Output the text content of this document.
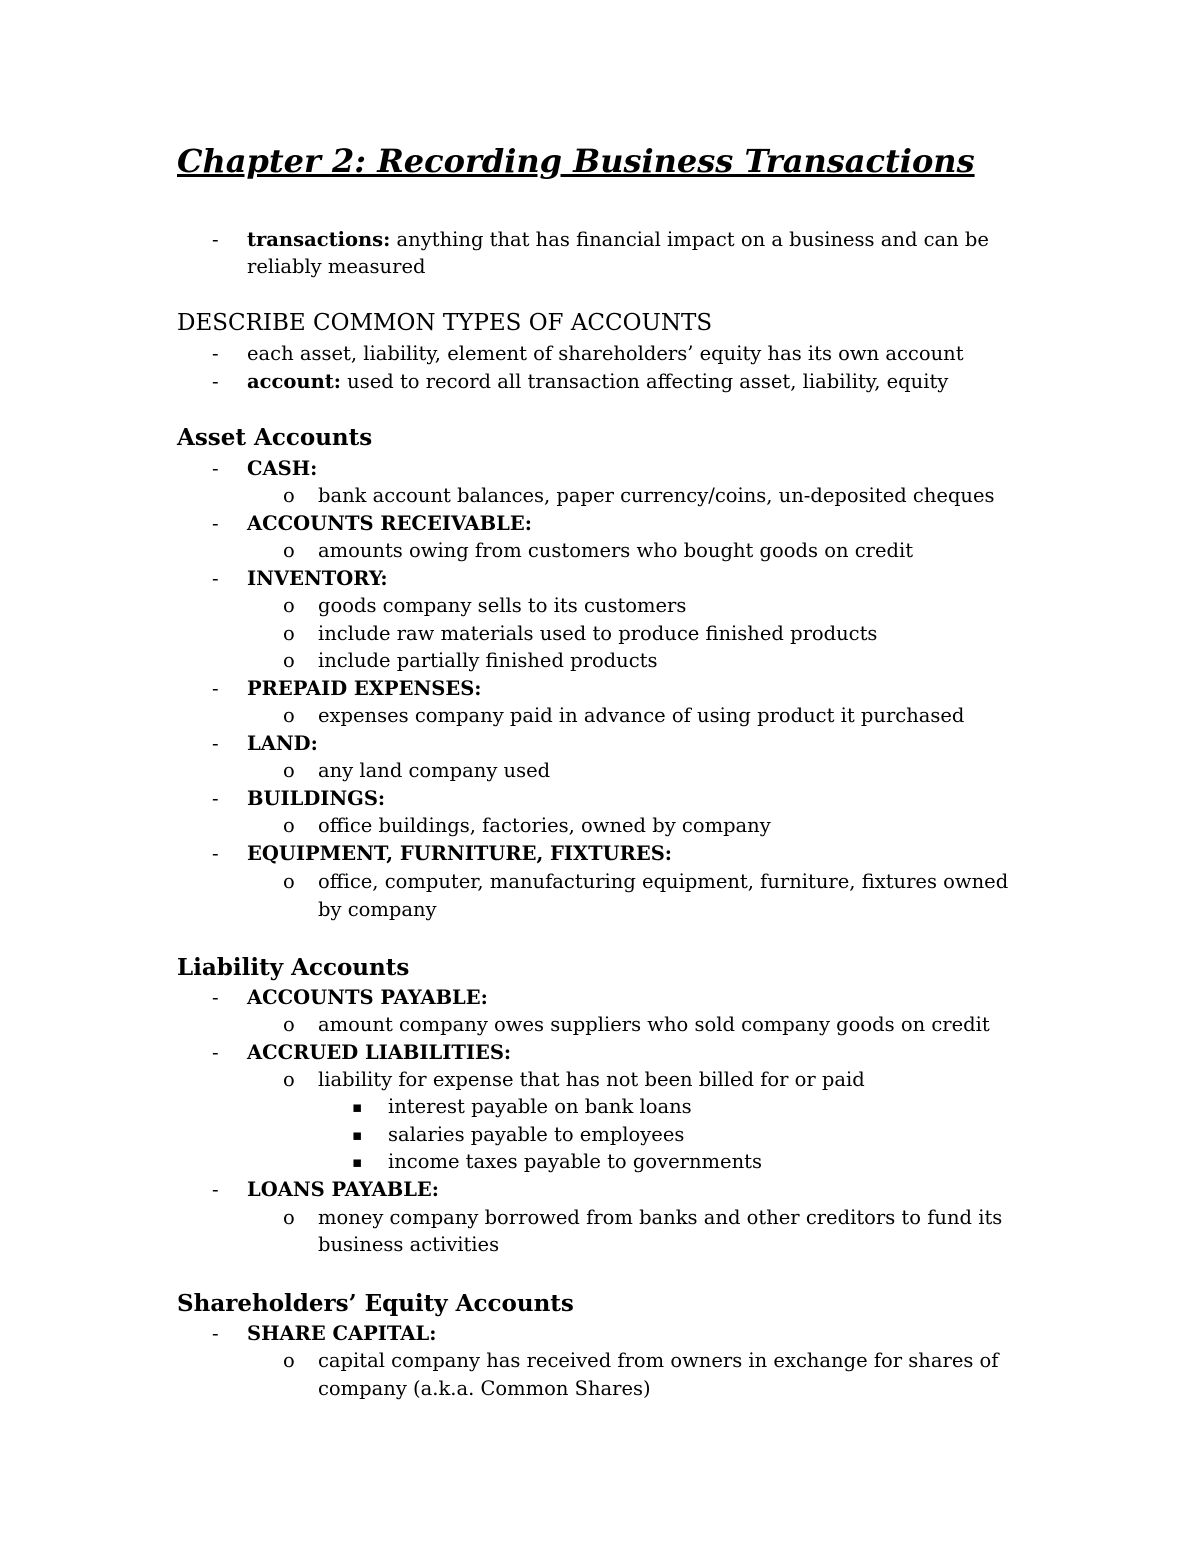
Chapter 2: Recording Business Transactions
- transactions: anything that has financial impact on a business and can be
reliably measured
DESCRIBE COMMON TYPES OF ACCOUNTS
- each asset, liability, element of shareholders’ equity has its own account
- account: used to record all transaction affecting asset, liability, equity
Asset Accounts
- CASH:
o bank account balances, paper currency/coins, un-deposited cheques
- ACCOUNTS RECEIVABLE:
o amounts owing from customers who bought goods on credit
- INVENTORY:
o goods company sells to its customers
o include raw materials used to produce finished products
o include partially finished products
- PREPAID EXPENSES:
o expenses company paid in advance of using product it purchased
- LAND:
o any land company used
- BUILDINGS:
o office buildings, factories, owned by company
- EQUIPMENT, FURNITURE, FIXTURES:
o office, computer, manufacturing equipment, furniture, fixtures owned
by company
Liability Accounts
- ACCOUNTS PAYABLE:
o amount company owes suppliers who sold company goods on credit
- ACCRUED LIABILITIES:
o liability for expense that has not been billed for or paid
▪ interest payable on bank loans
▪ salaries payable to employees
▪ income taxes payable to governments
- LOANS PAYABLE:
o money company borrowed from banks and other creditors to fund its
business activities
Shareholders’ Equity Accounts
- SHARE CAPITAL:
o capital company has received from owners in exchange for shares of
company (a.k.a. Common Shares)
